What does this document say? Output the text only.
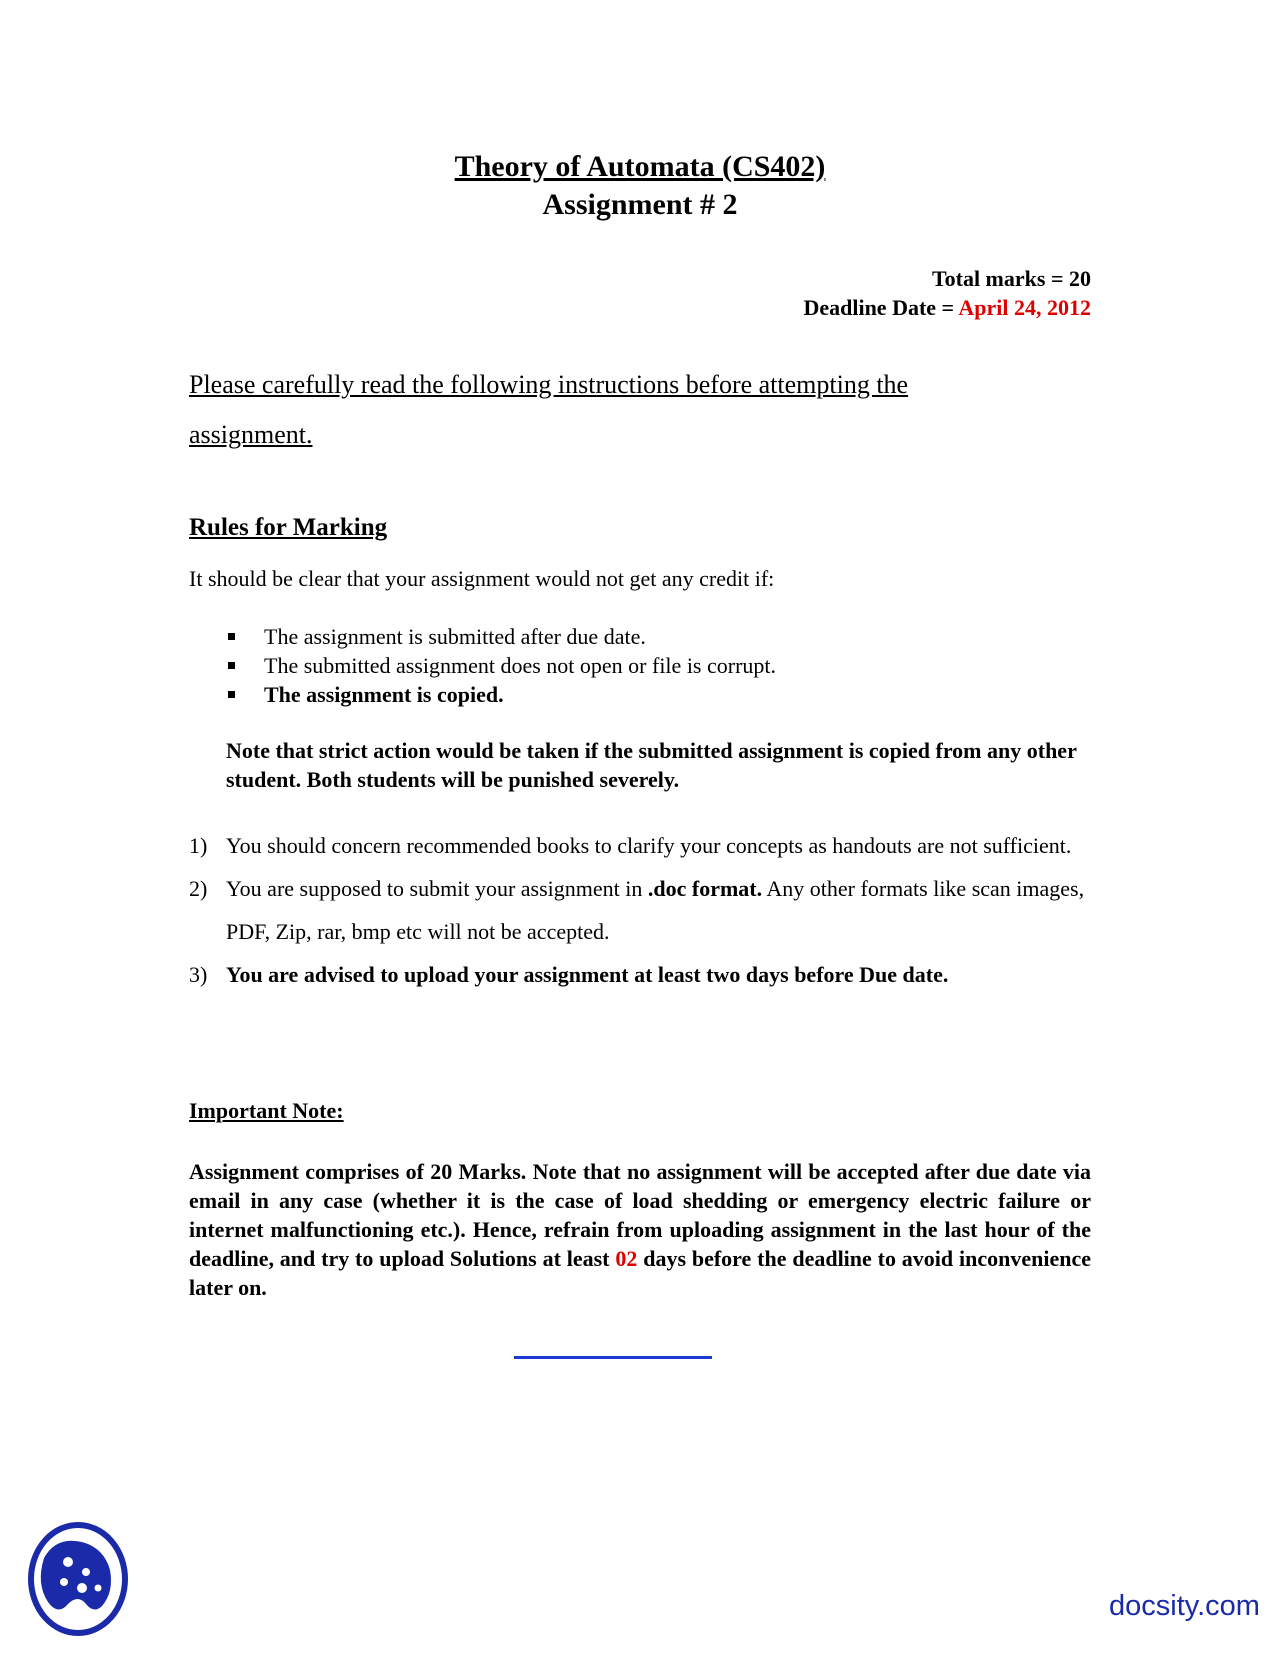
Theory of Automata (CS402)
Assignment # 2
Total marks = 20
Deadline Date = April 24, 2012
Please carefully read the following instructions before attempting the assignment.
Rules for Marking
It should be clear that your assignment would not get any credit if:
The assignment is submitted after due date.
The submitted assignment does not open or file is corrupt.
The assignment is copied.
Note that strict action would be taken if the submitted assignment is copied from any other student. Both students will be punished severely.
1) You should concern recommended books to clarify your concepts as handouts are not sufficient.
2) You are supposed to submit your assignment in .doc format. Any other formats like scan images, PDF, Zip, rar, bmp etc will not be accepted.
3) You are advised to upload your assignment at least two days before Due date.
Important Note:
Assignment comprises of 20 Marks. Note that no assignment will be accepted after due date via email in any case (whether it is the case of load shedding or emergency electric failure or internet malfunctioning etc.). Hence, refrain from uploading assignment in the last hour of the deadline, and try to upload Solutions at least 02 days before the deadline to avoid inconvenience later on.
docsity.com
